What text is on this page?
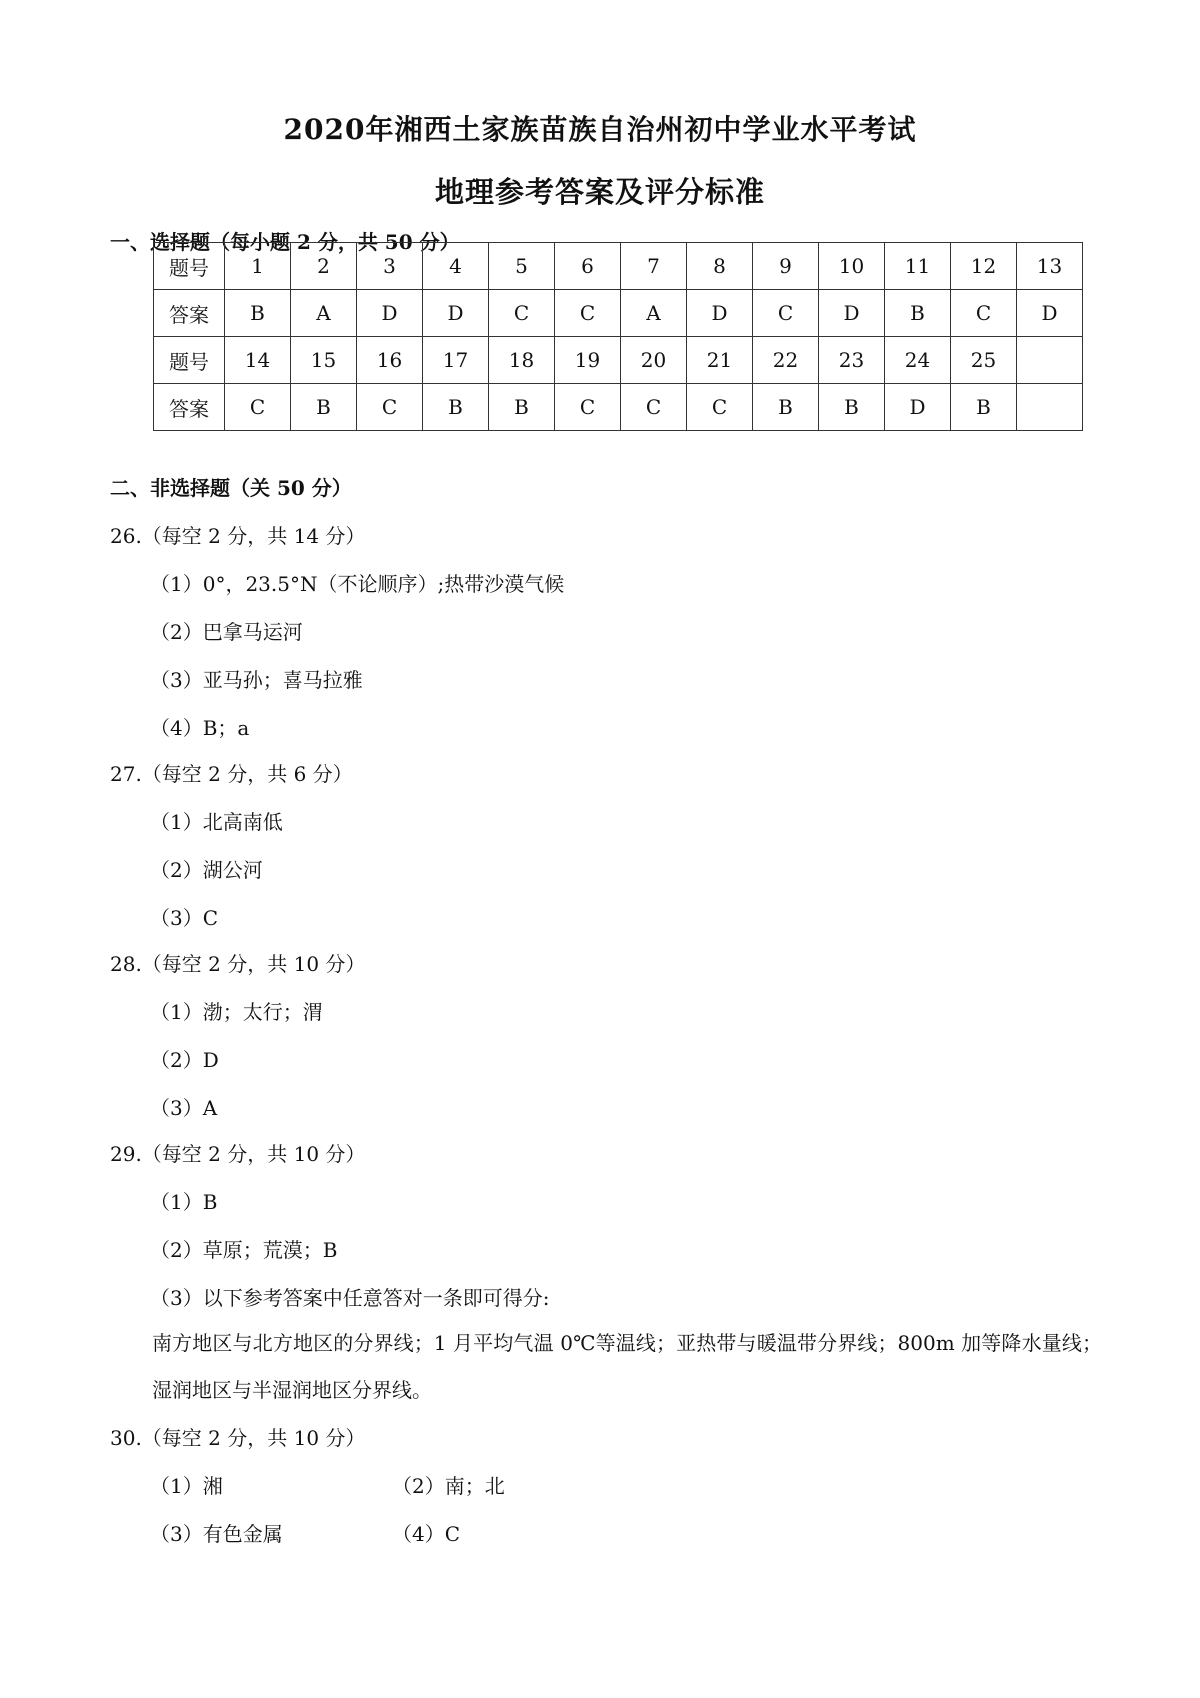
2020年湘西土家族苗族自治州初中学业水平考试
地理参考答案及评分标准
一、选择题（每小题 2 分，共 50 分）
题号	1	2	3	4	5	6	7	8	9	10	11	12	13
答案	B	A	D	D	C	C	A	D	C	D	B	C	D
题号	14	15	16	17	18	19	20	21	22	23	24	25	
答案	C	B	C	B	B	C	C	C	B	B	D	B	
二、非选择题（关 50 分）
26.（每空 2 分，共 14 分）
（1）0°，23.5°N（不论顺序）;热带沙漠气候
（2）巴拿马运河
（3）亚马孙；喜马拉雅
（4）B；a
27.（每空 2 分，共 6 分）
（1）北高南低
（2）湖公河
（3）C
28.（每空 2 分，共 10 分）
（1）渤；太行；渭
（2）D
（3）A
29.（每空 2 分，共 10 分）
（1）B
（2）草原；荒漠；B
（3）以下参考答案中任意答对一条即可得分:
南方地区与北方地区的分界线；1 月平均气温 0℃等温线；亚热带与暖温带分界线；800m 加等降水量线；湿润地区与半湿润地区分界线。
30.（每空 2 分，共 10 分）
（1）湘	（2）南；北
（3）有色金属	（4）C
